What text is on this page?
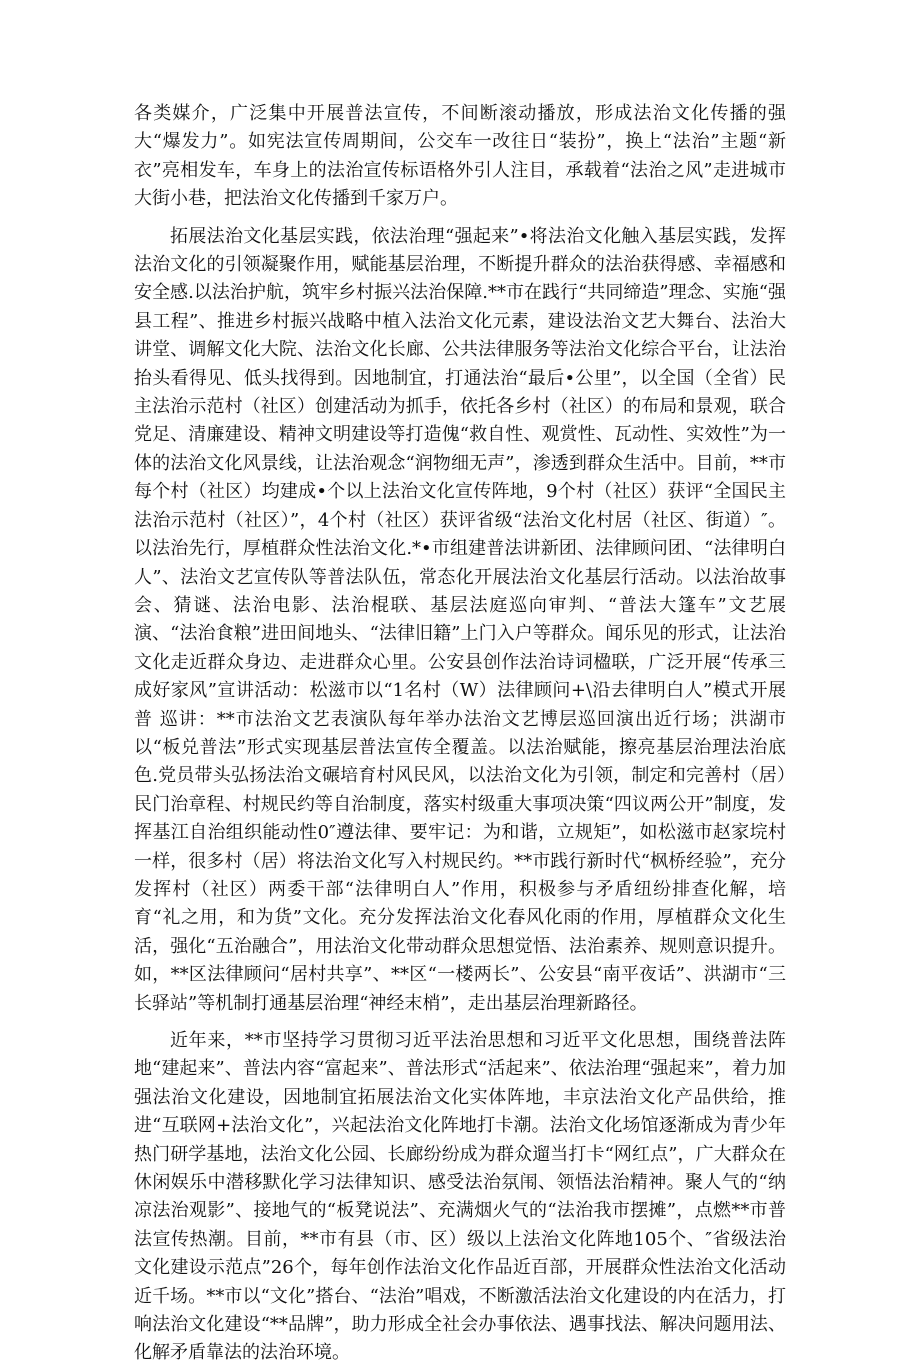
各类媒介，广泛集中开展普法宣传，不间断滚动播放，形成法治文化传播的强大“爆发力”。如宪法宣传周期间，公交车一改往日“装扮”，换上“法治”主题“新衣”亮相发车，车身上的法治宣传标语格外引人注目，承载着“法治之风”走进城市大街小巷，把法治文化传播到千家万户。

拓展法治文化基层实践，依法治理“强起来”•将法治文化触入基层实践，发挥法治文化的引领凝聚作用，赋能基层治理，不断提升群众的法治获得感、幸福感和安全感.以法治护航，筑牢乡村振兴法治保障.**市在践行“共同缔造”理念、实施“强县工程”、推进乡村振兴战略中植入法治文化元素，建设法治文艺大舞台、法治大讲堂、调解文化大院、法治文化长廊、公共法律服务等法治文化综合平台，让法治抬头看得见、低头找得到。因地制宜，打通法治“最后•公里”，以全国（全省）民主法治示范村（社区）创建活动为抓手，依托各乡村（社区）的布局和景观，联合党足、清廉建设、精神文明建设等打造傀“救自性、观赏性、瓦动性、实效性”为一体的法治文化风景线，让法治观念“润物细无声”，渗透到群众生活中。目前，**市每个村（社区）均建成•个以上法治文化宣传阵地，9个村（社区）获评“全国民主法治示范村（社区）”，4个村（社区）获评省级“法治文化村居（社区、街道）″。以法治先行，厚植群众性法治文化.*•市组建普法讲新团、法律顾问团、“法律明白人”、法治文艺宣传队等普法队伍，常态化开展法治文化基层行活动。以法治故事会、猜谜、法治电影、法治棍联、基层法庭巡向审判、“普法大篷车”文艺展演、“法治食粮”进田间地头、“法律旧籍”上门入户等群众。闻乐见的形式，让法治文化走近群众身边、走进群众心里。公安县创作法治诗词楹联，广泛开展“传承三成好家风”宣讲活动：松滋市以“1名村（W）法律顾问+\沿去律明白人”模式开展普 巡讲：**市法治文艺表演队每年举办法治文艺博层巡回演出近行场；洪湖市以“板兑普法”形式实现基层普法宣传全覆盖。以法治赋能，擦亮基层治理法治底色.党员带头弘扬法治文碾培育村风民风，以法治文化为引领，制定和完善村（居）民门治章程、村规民约等自治制度，落实村级重大事项决策“四议两公开”制度，发挥基江自治组织能动性0″遵法律、要牢记：为和谐，立规矩”，如松滋市赵家垸村一样，很多村（居）将法治文化写入村规民约。**市践行新时代“枫桥经验”，充分发挥村（社区）两委干部“法律明白人”作用，积极参与矛盾纽纷排查化解，培育“礼之用，和为货”文化。充分发挥法治文化春风化雨的作用，厚植群众文化生活，强化“五治融合”，用法治文化带动群众思想觉悟、法治素养、规则意识提升。如，**区法律顾问“居村共享”、**区“一楼两长”、公安县“南平夜话”、洪湖市“三长驿站”等机制打通基层治理“神经末梢”，走出基层治理新路径。

近年来，**市坚持学习贯彻习近平法治思想和习近平文化思想，围绕普法阵地“建起来”、普法内容“富起来”、普法形式“活起来”、依法治理“强起来”，着力加强法治文化建设，因地制宜拓展法治文化实体阵地，丰京法治文化产品供给，推进“互联网+法治文化”，兴起法治文化阵地打卡潮。法治文化场馆逐渐成为青少年热门研学基地，法治文化公园、长廊纷纷成为群众遛当打卡“网红点”，广大群众在休闲娱乐中潜移默化学习法律知识、感受法治氛闱、领悟法治精神。聚人气的“纳凉法治观影”、接地气的“板凳说法”、充满烟火气的“法治我市摆摊”，点燃**市普法宣传热潮。目前，**市有县（市、区）级以上法治文化阵地105个、″省级法治文化建设示范点”26个，每年创作法治文化作品近百部，开展群众性法治文化活动近千场。**市以“文化”搭台、“法治”唱戏，不断激活法治文化建设的内在活力，打响法治文化建设“**品牌”，助力形成全社会办事依法、遇事找法、解决问题用法、化解矛盾靠法的法治环境。
